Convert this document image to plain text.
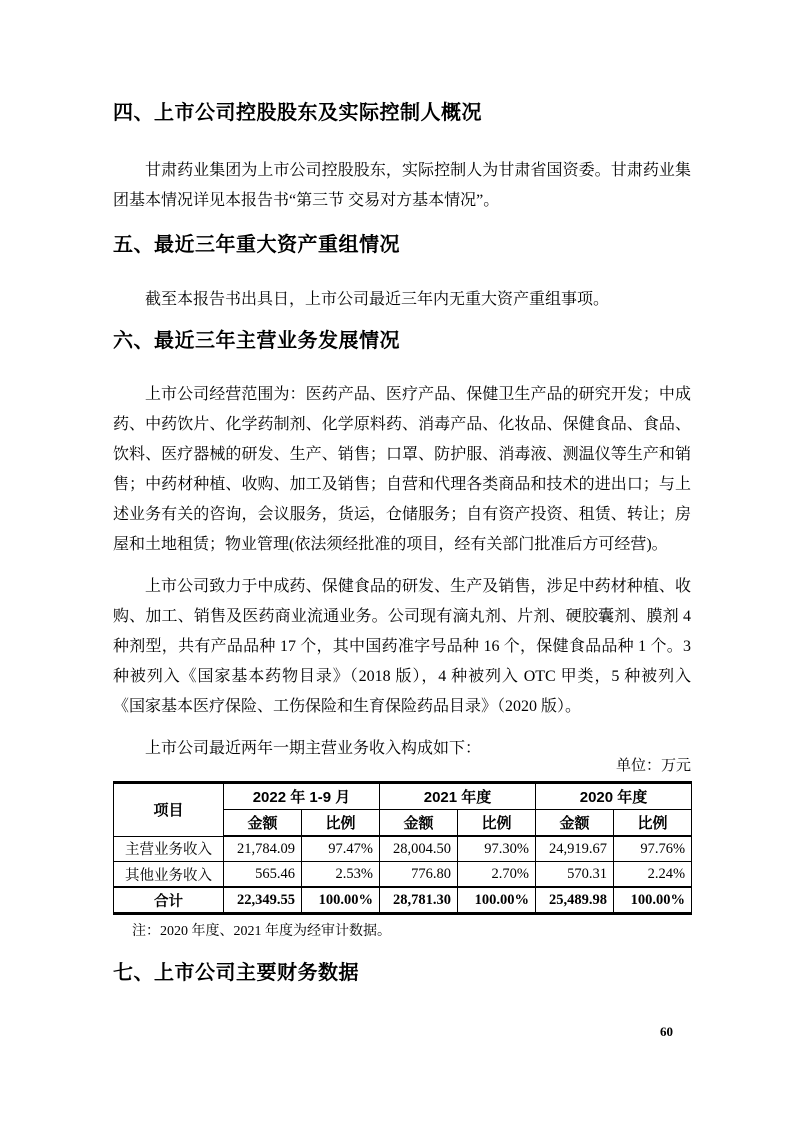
四、上市公司控股股东及实际控制人概况

甘肃药业集团为上市公司控股股东，实际控制人为甘肃省国资委。甘肃药业集团基本情况详见本报告书“第三节 交易对方基本情况”。

五、最近三年重大资产重组情况

截至本报告书出具日，上市公司最近三年内无重大资产重组事项。

六、最近三年主营业务发展情况

上市公司经营范围为：医药产品、医疗产品、保健卫生产品的研究开发；中成药、中药饮片、化学药制剂、化学原料药、消毒产品、化妆品、保健食品、食品、饮料、医疗器械的研发、生产、销售；口罩、防护服、消毒液、测温仪等生产和销售；中药材种植、收购、加工及销售；自营和代理各类商品和技术的进出口；与上述业务有关的咨询，会议服务，货运，仓储服务；自有资产投资、租赁、转让；房屋和土地租赁；物业管理(依法须经批准的项目，经有关部门批准后方可经营)。

上市公司致力于中成药、保健食品的研发、生产及销售，涉足中药材种植、收购、加工、销售及医药商业流通业务。公司现有滴丸剂、片剂、硬胶囊剂、膜剂 4 种剂型，共有产品品种 17 个，其中国药准字号品种 16 个，保健食品品种 1 个。3 种被列入《国家基本药物目录》（2018 版），4 种被列入 OTC 甲类，5 种被列入《国家基本医疗保险、工伤保险和生育保险药品目录》（2020 版）。

上市公司最近两年一期主营业务收入构成如下：

单位：万元
项目	2022 年 1-9 月		2021 年度		2020 年度	
	金额	比例	金额	比例	金额	比例
主营业务收入	21,784.09	97.47%	28,004.50	97.30%	24,919.67	97.76%
其他业务收入	565.46	2.53%	776.80	2.70%	570.31	2.24%
合计	22,349.55	100.00%	28,781.30	100.00%	25,489.98	100.00%

注：2020 年度、2021 年度为经审计数据。

七、上市公司主要财务数据
60
